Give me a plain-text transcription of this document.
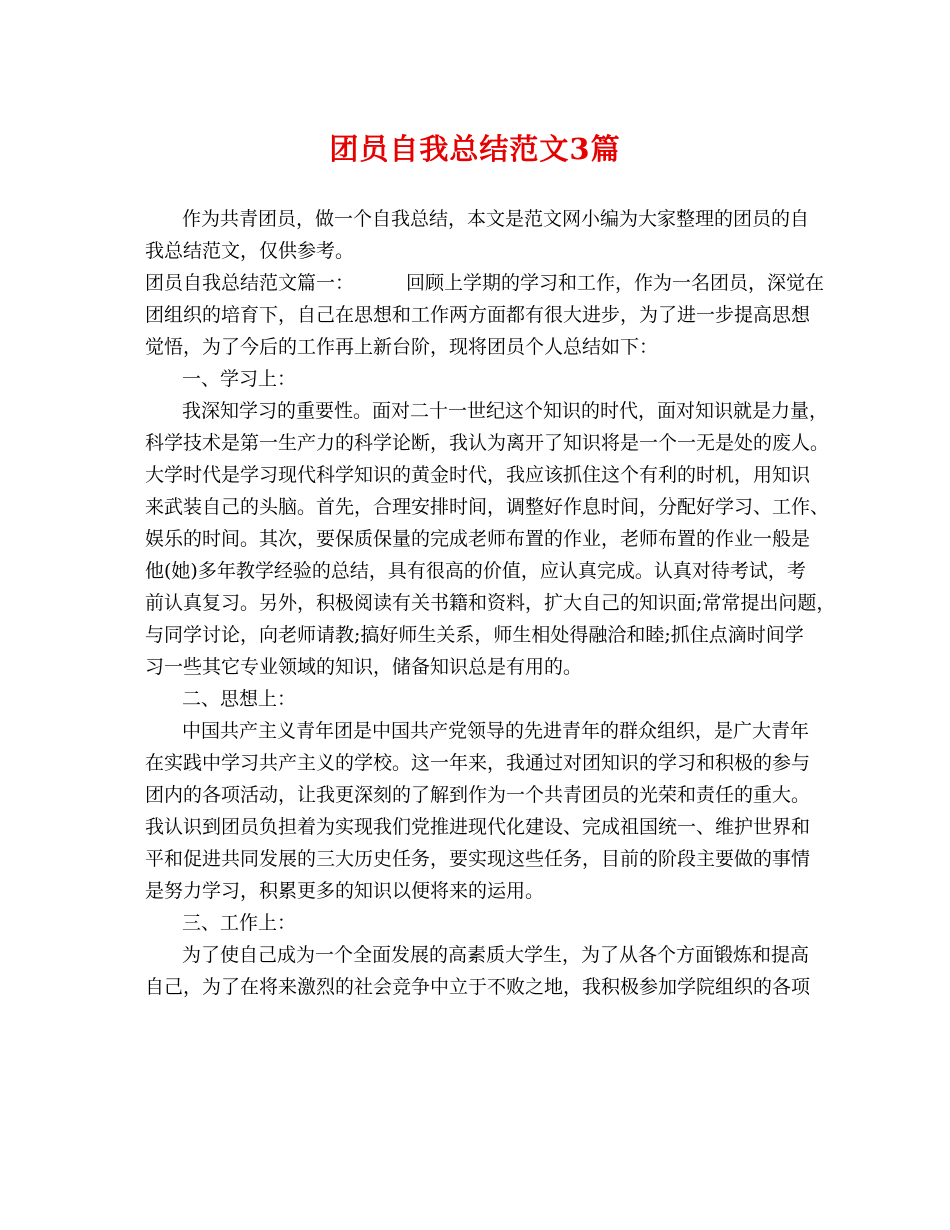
团员自我总结范文3篇
作为共青团员，做一个自我总结，本文是范文网小编为大家整理的团员的自
我总结范文，仅供参考。
团员自我总结范文篇一：	回顾上学期的学习和工作，作为一名团员，深觉在
团组织的培育下，自己在思想和工作两方面都有很大进步，为了进一步提高思想
觉悟，为了今后的工作再上新台阶，现将团员个人总结如下：
一、学习上：
我深知学习的重要性。面对二十一世纪这个知识的时代，面对知识就是力量，
科学技术是第一生产力的科学论断，我认为离开了知识将是一个一无是处的废人。
大学时代是学习现代科学知识的黄金时代，我应该抓住这个有利的时机，用知识
来武装自己的头脑。首先，合理安排时间，调整好作息时间，分配好学习、工作、
娱乐的时间。其次，要保质保量的完成老师布置的作业，老师布置的作业一般是
他(她)多年教学经验的总结，具有很高的价值，应认真完成。认真对待考试，考
前认真复习。另外，积极阅读有关书籍和资料，扩大自己的知识面;常常提出问题，
与同学讨论，向老师请教;搞好师生关系，师生相处得融洽和睦;抓住点滴时间学
习一些其它专业领域的知识，储备知识总是有用的。
二、思想上：
中国共产主义青年团是中国共产党领导的先进青年的群众组织，是广大青年
在实践中学习共产主义的学校。这一年来，我通过对团知识的学习和积极的参与
团内的各项活动，让我更深刻的了解到作为一个共青团员的光荣和责任的重大。
我认识到团员负担着为实现我们党推进现代化建设、完成祖国统一、维护世界和
平和促进共同发展的三大历史任务，要实现这些任务，目前的阶段主要做的事情
是努力学习，积累更多的知识以便将来的运用。
三、工作上：
为了使自己成为一个全面发展的高素质大学生，为了从各个方面锻炼和提高
自己，为了在将来激烈的社会竞争中立于不败之地，我积极参加学院组织的各项
